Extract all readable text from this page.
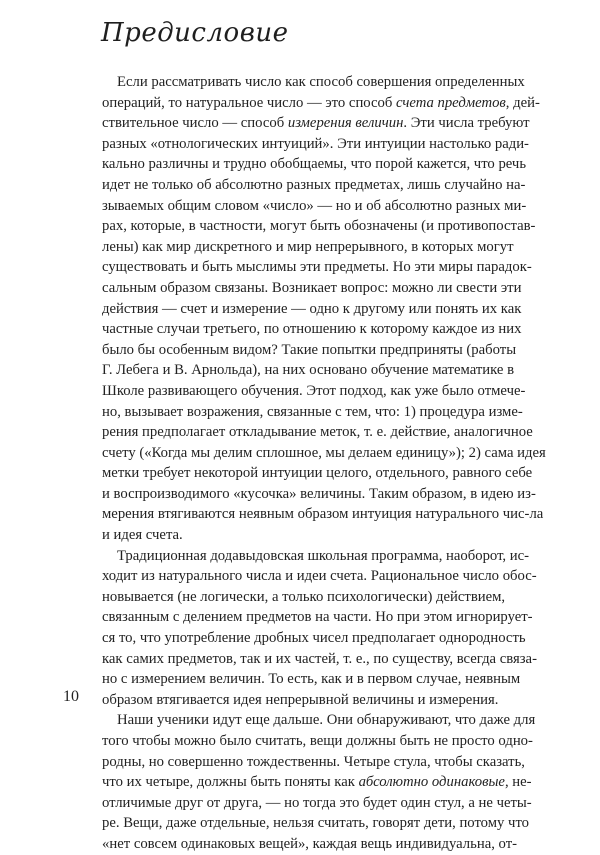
Предисловие

Если рассматривать число как способ совершения определенных
операций, то натуральное число — это способ счета предметов, дей-
ствительное число — способ измерения величин. Эти числа требуют
разных «отнологических интуиций». Эти интуиции настолько ради-
кально различны и трудно обобщаемы, что порой кажется, что речь
идет не только об абсолютно разных предметах, лишь случайно на-
зываемых общим словом «число» — но и об абсолютно разных ми-
рах, которые, в частности, могут быть обозначены (и противопостав-
лены) как мир дискретного и мир непрерывного, в которых могут
существовать и быть мыслимы эти предметы. Но эти миры парадок-
сальным образом связаны. Возникает вопрос: можно ли свести эти
действия — счет и измерение — одно к другому или понять их как
частные случаи третьего, по отношению к которому каждое из них
было бы особенным видом? Такие попытки предприняты (работы
Г. Лебега и В. Арнольда), на них основано обучение математике в
Школе развивающего обучения. Этот подход, как уже было отмече-
но, вызывает возражения, связанные с тем, что: 1) процедура изме-
рения предполагает откладывание меток, т. е. действие, аналогичное
счету («Когда мы делим сплошное, мы делаем единицу»); 2) сама идея
метки требует некоторой интуиции целого, отдельного, равного себе
и воспроизводимого «кусочка» величины. Таким образом, в идею из-
мерения втягиваются неявным образом интуиция натурального чис-ла
и идея счета.

Традиционная додавыдовская школьная программа, наоборот, ис-
ходит из натурального числа и идеи счета. Рациональное число обос-
новывается (не логически, а только психологически) действием,
связанным с делением предметов на части. Но при этом игнорирует-
ся то, что употребление дробных чисел предполагает однородность
как самих предметов, так и их частей, т. е., по существу, всегда связа-
но с измерением величин. То есть, как и в первом случае, неявным
образом втягивается идея непрерывной величины и измерения.

Наши ученики идут еще дальше. Они обнаруживают, что даже для
того чтобы можно было считать, вещи должны быть не просто одно-
родны, но совершенно тождественны. Четыре стула, чтобы сказать,
что их четыре, должны быть поняты как абсолютно одинаковые, не-
отличимые друг от друга, — но тогда это будет один стул, а не четы-
ре. Вещи, даже отдельные, нельзя считать, говорят дети, потому что
«нет совсем одинаковых вещей», каждая вещь индивидуальна, от-

10
